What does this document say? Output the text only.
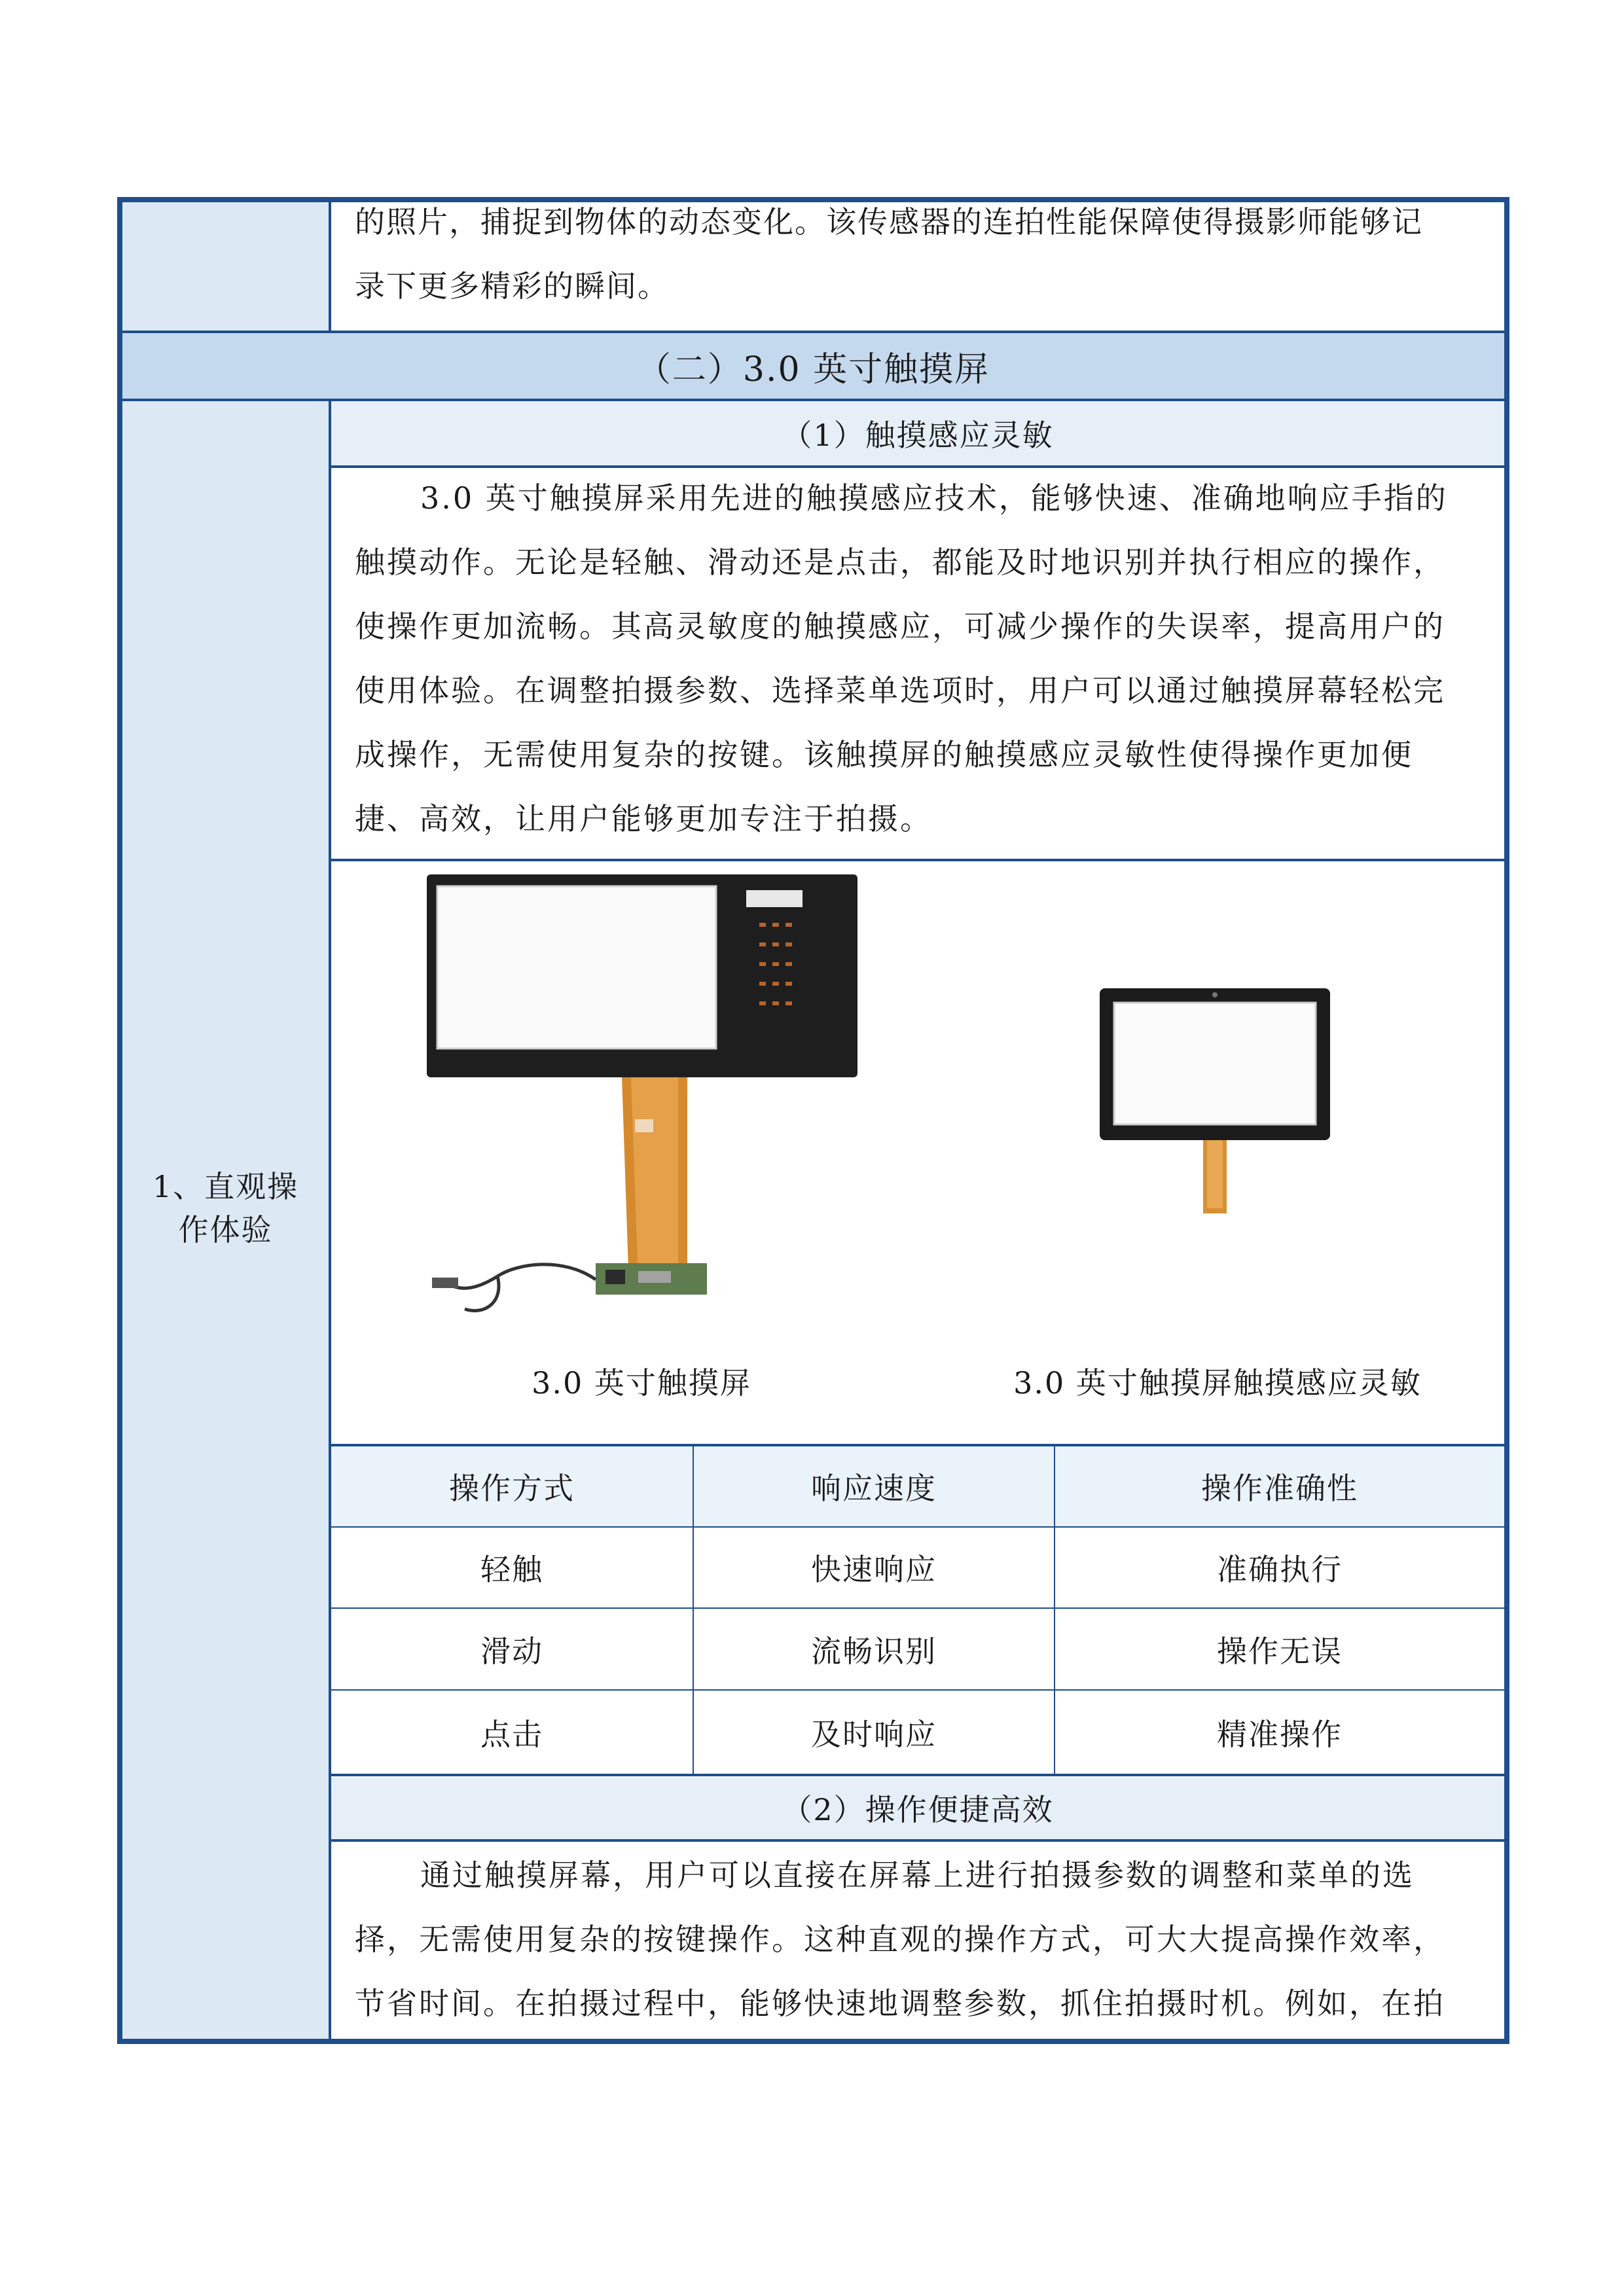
的照片，捕捉到物体的动态变化。该传感器的连拍性能保障使得摄影师能够记
录下更多精彩的瞬间。
（二）3.0 英寸触摸屏
1、直观操
作体验
（1）触摸感应灵敏
3.0 英寸触摸屏采用先进的触摸感应技术，能够快速、准确地响应手指的
触摸动作。无论是轻触、滑动还是点击，都能及时地识别并执行相应的操作，
使操作更加流畅。其高灵敏度的触摸感应，可减少操作的失误率，提高用户的
使用体验。在调整拍摄参数、选择菜单选项时，用户可以通过触摸屏幕轻松完
成操作，无需使用复杂的按键。该触摸屏的触摸感应灵敏性使得操作更加便
捷、高效，让用户能够更加专注于拍摄。
3.0 英寸触摸屏	3.0 英寸触摸屏触摸感应灵敏
操作方式	响应速度	操作准确性
轻触	快速响应	准确执行
滑动	流畅识别	操作无误
点击	及时响应	精准操作
（2）操作便捷高效
通过触摸屏幕，用户可以直接在屏幕上进行拍摄参数的调整和菜单的选
择，无需使用复杂的按键操作。这种直观的操作方式，可大大提高操作效率，
节省时间。在拍摄过程中，能够快速地调整参数，抓住拍摄时机。例如，在拍
